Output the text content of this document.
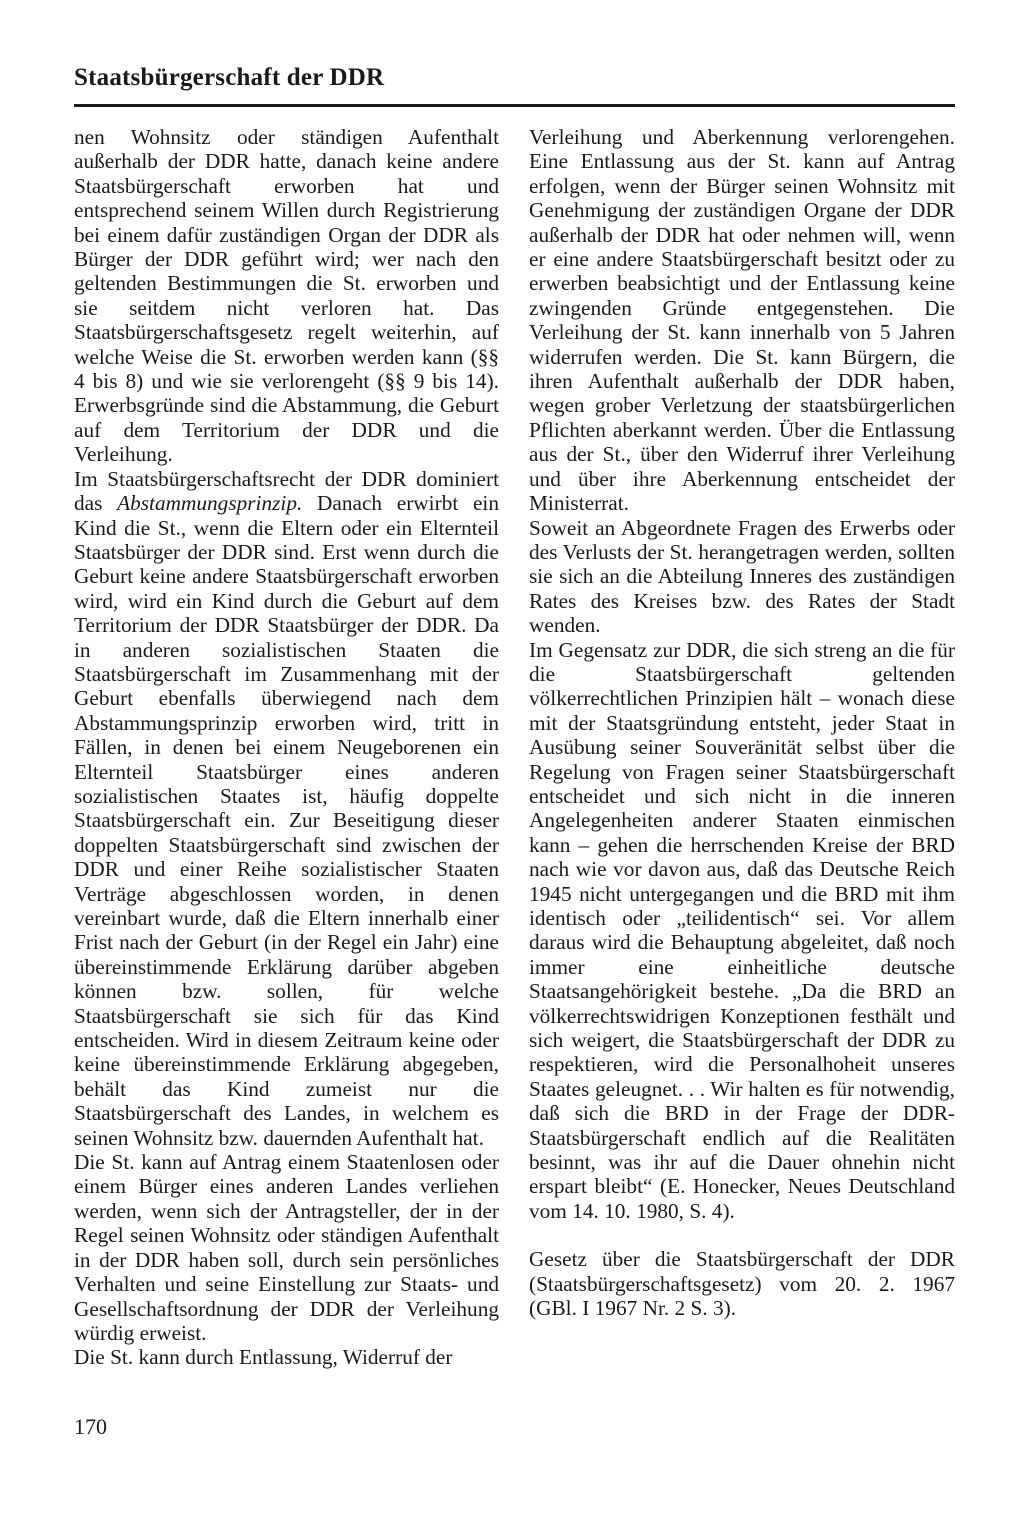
Staatsbürgerschaft der DDR

nen Wohnsitz oder ständigen Aufenthalt außerhalb der DDR hatte, danach keine andere Staatsbürgerschaft erworben hat und entsprechend seinem Willen durch Registrierung bei einem dafür zuständigen Organ der DDR als Bürger der DDR geführt wird; wer nach den geltenden Bestimmungen die St. erworben und sie seitdem nicht verloren hat. Das Staatsbürgerschaftsgesetz regelt weiterhin, auf welche Weise die St. erworben werden kann (§§ 4 bis 8) und wie sie verlorengeht (§§ 9 bis 14). Erwerbsgründe sind die Abstammung, die Geburt auf dem Territorium der DDR und die Verleihung.

Im Staatsbürgerschaftsrecht der DDR dominiert das Abstammungsprinzip. Danach erwirbt ein Kind die St., wenn die Eltern oder ein Elternteil Staatsbürger der DDR sind. Erst wenn durch die Geburt keine andere Staatsbürgerschaft erworben wird, wird ein Kind durch die Geburt auf dem Territorium der DDR Staatsbürger der DDR. Da in anderen sozialistischen Staaten die Staatsbürgerschaft im Zusammenhang mit der Geburt ebenfalls überwiegend nach dem Abstammungsprinzip erworben wird, tritt in Fällen, in denen bei einem Neugeborenen ein Elternteil Staatsbürger eines anderen sozialistischen Staates ist, häufig doppelte Staatsbürgerschaft ein. Zur Beseitigung dieser doppelten Staatsbürgerschaft sind zwischen der DDR und einer Reihe sozialistischer Staaten Verträge abgeschlossen worden, in denen vereinbart wurde, daß die Eltern innerhalb einer Frist nach der Geburt (in der Regel ein Jahr) eine übereinstimmende Erklärung darüber abgeben können bzw. sollen, für welche Staatsbürgerschaft sie sich für das Kind entscheiden. Wird in diesem Zeitraum keine oder keine übereinstimmende Erklärung abgegeben, behält das Kind zumeist nur die Staatsbürgerschaft des Landes, in welchem es seinen Wohnsitz bzw. dauernden Aufenthalt hat.

Die St. kann auf Antrag einem Staatenlosen oder einem Bürger eines anderen Landes verliehen werden, wenn sich der Antragsteller, der in der Regel seinen Wohnsitz oder ständigen Aufenthalt in der DDR haben soll, durch sein persönliches Verhalten und seine Einstellung zur Staats- und Gesellschaftsordnung der DDR der Verleihung würdig erweist.

Die St. kann durch Entlassung, Widerruf der

Verleihung und Aberkennung verlorengehen. Eine Entlassung aus der St. kann auf Antrag erfolgen, wenn der Bürger seinen Wohnsitz mit Genehmigung der zuständigen Organe der DDR außerhalb der DDR hat oder nehmen will, wenn er eine andere Staatsbürgerschaft besitzt oder zu erwerben beabsichtigt und der Entlassung keine zwingenden Gründe entgegenstehen. Die Verleihung der St. kann innerhalb von 5 Jahren widerrufen werden. Die St. kann Bürgern, die ihren Aufenthalt außerhalb der DDR haben, wegen grober Verletzung der staatsbürgerlichen Pflichten aberkannt werden. Über die Entlassung aus der St., über den Widerruf ihrer Verleihung und über ihre Aberkennung entscheidet der Ministerrat.

Soweit an Abgeordnete Fragen des Erwerbs oder des Verlusts der St. herangetragen werden, sollten sie sich an die Abteilung Inneres des zuständigen Rates des Kreises bzw. des Rates der Stadt wenden.

Im Gegensatz zur DDR, die sich streng an die für die Staatsbürgerschaft geltenden völkerrechtlichen Prinzipien hält – wonach diese mit der Staatsgründung entsteht, jeder Staat in Ausübung seiner Souveränität selbst über die Regelung von Fragen seiner Staatsbürgerschaft entscheidet und sich nicht in die inneren Angelegenheiten anderer Staaten einmischen kann – gehen die herrschenden Kreise der BRD nach wie vor davon aus, daß das Deutsche Reich 1945 nicht untergegangen und die BRD mit ihm identisch oder „teilidentisch“ sei. Vor allem daraus wird die Behauptung abgeleitet, daß noch immer eine einheitliche deutsche Staatsangehörigkeit bestehe. „Da die BRD an völkerrechtswidrigen Konzeptionen festhält und sich weigert, die Staatsbürgerschaft der DDR zu respektieren, wird die Personalhoheit unseres Staates geleugnet. . . Wir halten es für notwendig, daß sich die BRD in der Frage der DDR-Staatsbürgerschaft endlich auf die Realitäten besinnt, was ihr auf die Dauer ohnehin nicht erspart bleibt“ (E. Honecker, Neues Deutschland vom 14. 10. 1980, S. 4).

Gesetz über die Staatsbürgerschaft der DDR (Staatsbürgerschaftsgesetz) vom 20. 2. 1967 (GBl. I 1967 Nr. 2 S. 3).

170
